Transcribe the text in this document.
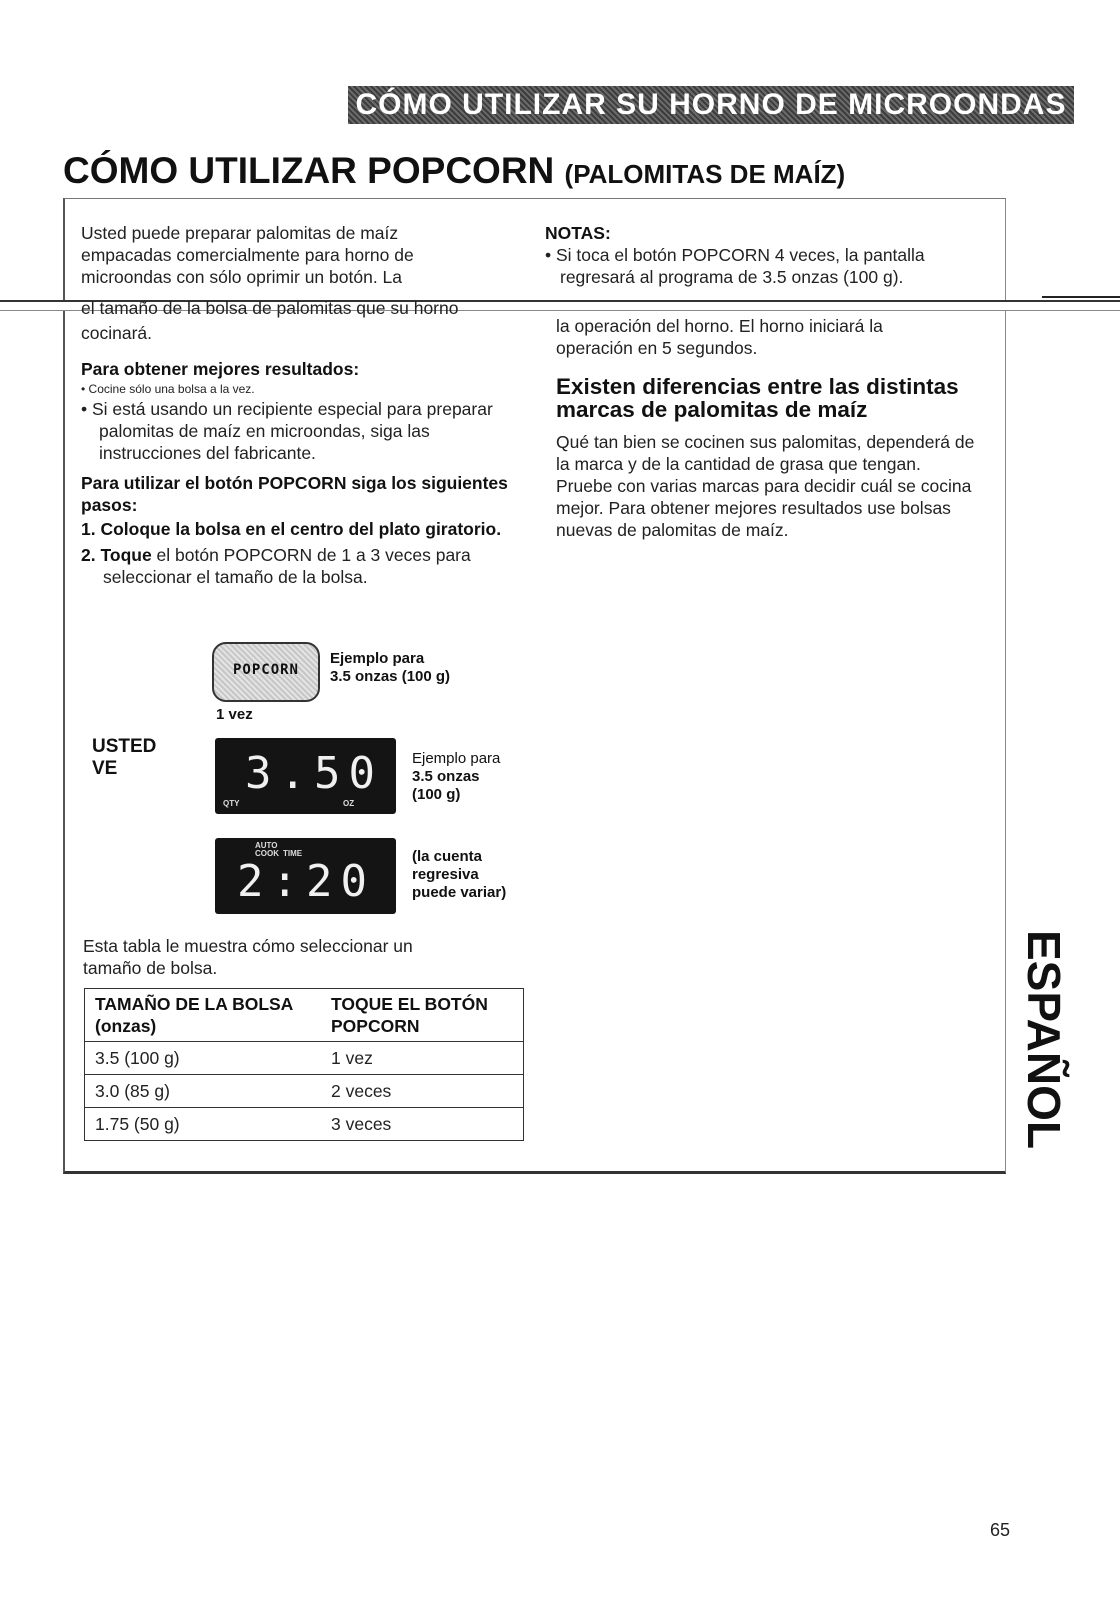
CÓMO UTILIZAR SU HORNO DE MICROONDAS
CÓMO UTILIZAR POPCORN (PALOMITAS DE MAÍZ)
Usted puede preparar palomitas de maíz
empacadas comercialmente para horno de
microondas con sólo oprimir un botón. La
NOTAS:
• Si toca el botón POPCORN 4 veces, la pantalla
regresará al programa de 3.5 onzas (100 g).
el tamaño de la bolsa de palomitas que su horno
cocinará.
Para obtener mejores resultados:
• Cocine sólo una bolsa a la vez.
• Si está usando un recipiente especial para preparar palomitas de maíz en microondas, siga las instrucciones del fabricante.
Para utilizar el botón POPCORN siga los siguientes pasos:
1. Coloque la bolsa en el centro del plato giratorio.
2. Toque el botón POPCORN de 1 a 3 veces para seleccionar el tamaño de la bolsa.
POPCORN
Ejemplo para
3.5 onzas (100 g)
1 vez
USTED
VE	3.50
QTY	OZ
Ejemplo para
3.5 onzas
(100 g)
AUTO
COOK TIME
2:20 (la cuenta
regresiva
puede variar)
Esta tabla le muestra cómo seleccionar un tamaño de bolsa.
TAMAÑO DE LA BOLSA (onzas)	TOQUE EL BOTÓN POPCORN
3.5 (100 g)	1 vez
3.0 (85 g)	2 veces
1.75 (50 g)	3 veces
la operación del horno. El horno iniciará la
operación en 5 segundos.
Existen diferencias entre las distintas marcas de palomitas de maíz
Qué tan bien se cocinen sus palomitas, dependerá de la marca y de la cantidad de grasa que tengan. Pruebe con varias marcas para decidir cuál se cocina mejor. Para obtener mejores resultados use bolsas nuevas de palomitas de maíz.
ESPAÑOL
65
